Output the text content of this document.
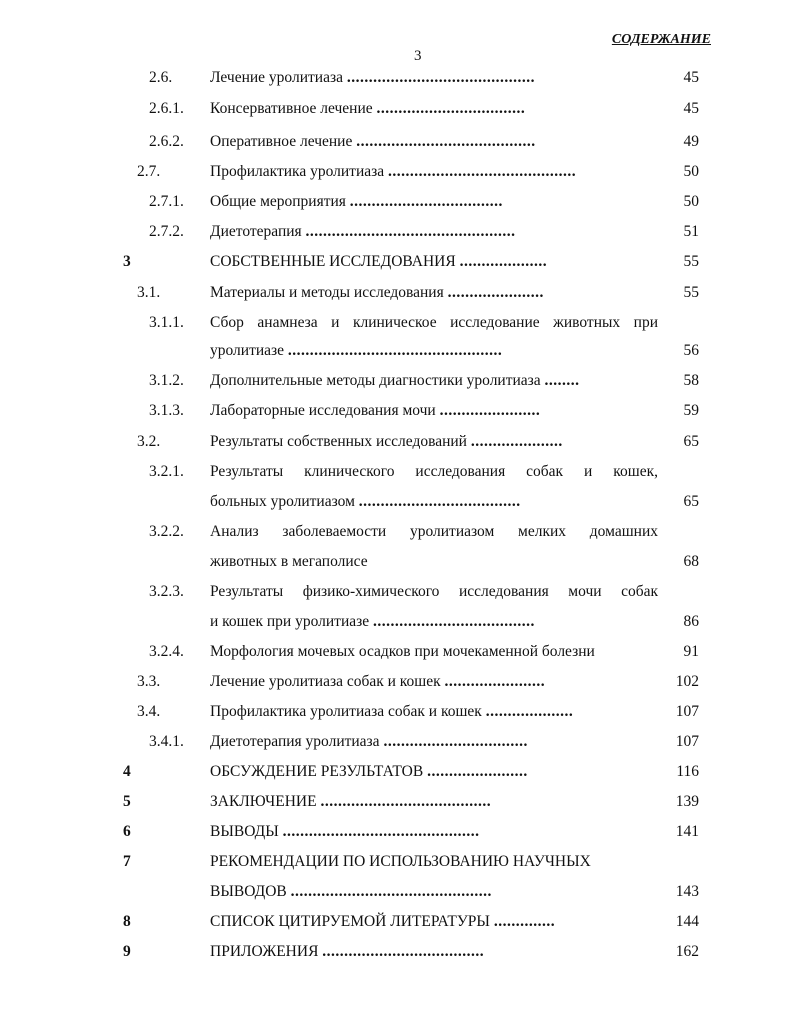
СОДЕРЖАНИЕ
3
2.6. Лечение уролитиаза ...........................................	45
2.6.1. Консервативное лечение ..................................	45
2.6.2. Оперативное лечение .........................................	49
2.7.	Профилактика уролитиаза ...........................................	50
2.7.1. Общие мероприятия ...................................	50
2.7.2. Диетотерапия ................................................	51
3	СОБСТВЕННЫЕ ИССЛЕДОВАНИЯ ....................	55
3.1.	Материалы и методы исследования ......................	55
3.1.1. Сбор анамнеза и клиническое исследование животных при
уролитиазе .................................................	56
3.1.2. Дополнительные методы диагностики уролитиаза ........	58
3.1.3. Лабораторные исследования мочи .......................	59
3.2.	Результаты собственных исследований .....................	65
3.2.1. Результаты клинического исследования собак и кошек,
больных уролитиазом .....................................	65
3.2.2. Анализ заболеваемости уролитиазом мелких домашних
животных в мегаполисе	68
3.2.3. Результаты физико-химического исследования мочи собак
и кошек при уролитиазе .....................................	86
3.2.4. Морфология мочевых осадков при мочекаменной болезни	91
3.3.	Лечение уролитиаза собак и кошек .......................	102
3.4.	Профилактика уролитиаза собак и кошек ....................	107
3.4.1. Диетотерапия уролитиаза .................................	107
4	ОБСУЖДЕНИЕ РЕЗУЛЬТАТОВ .......................	116
5	ЗАКЛЮЧЕНИЕ .......................................	139
6	ВЫВОДЫ .............................................	141
7	РЕКОМЕНДАЦИИ ПО ИСПОЛЬЗОВАНИЮ НАУЧНЫХ
ВЫВОДОВ ..............................................	143
8	СПИСОК ЦИТИРУЕМОЙ ЛИТЕРАТУРЫ ..............	144
9	ПРИЛОЖЕНИЯ .....................................	162
